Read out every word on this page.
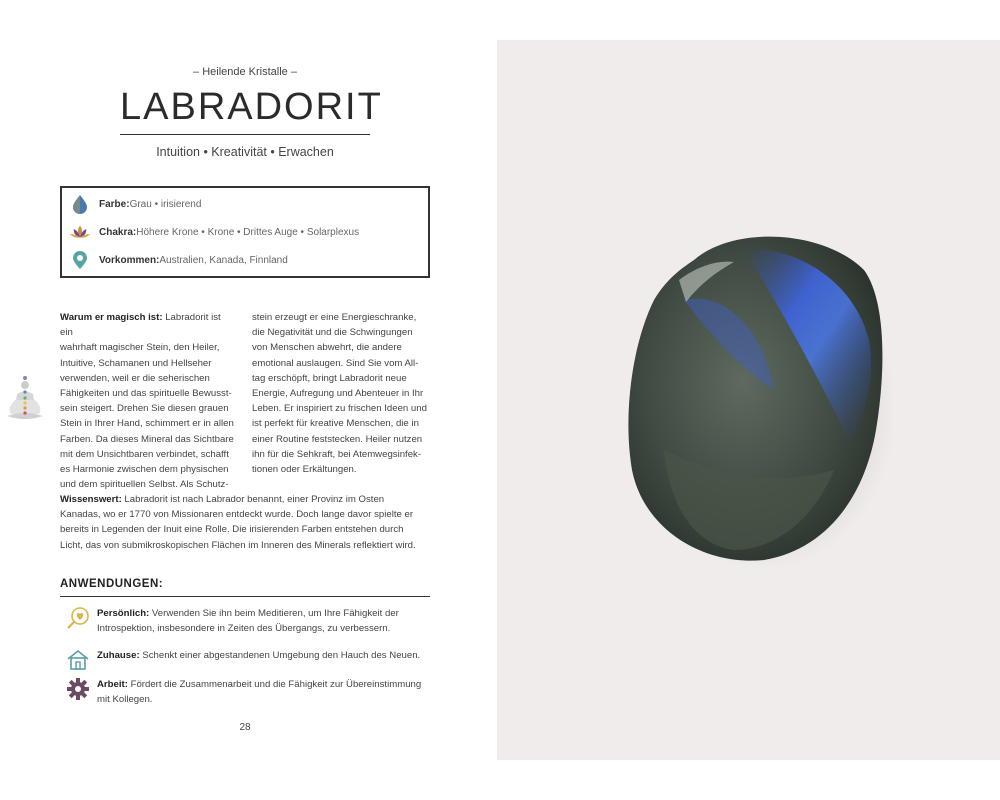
– Heilende Kristalle –
LABRADORIT
Intuition • Kreativität • Erwachen
Farbe: Grau • irisierend
Chakra: Höhere Krone • Krone • Drittes Auge • Solarplexus
Vorkommen: Australien, Kanada, Finnland
Warum er magisch ist: Labradorit ist ein
wahrhaft magischer Stein, den Heiler,
Intuitive, Schamanen und Hellseher
verwenden, weil er die seherischen
Fähigkeiten und das spirituelle Bewusst-
sein steigert. Drehen Sie diesen grauen
Stein in Ihrer Hand, schimmert er in allen
Farben. Da dieses Mineral das Sichtbare
mit dem Unsichtbaren verbindet, schafft
es Harmonie zwischen dem physischen
und dem spirituellen Selbst. Als Schutz-
stein erzeugt er eine Energieschranke,
die Negativität und die Schwingungen
von Menschen abwehrt, die andere
emotional auslaugen. Sind Sie vom All-
tag erschöpft, bringt Labradorit neue
Energie, Aufregung und Abenteuer in Ihr
Leben. Er inspiriert zu frischen Ideen und
ist perfekt für kreative Menschen, die in
einer Routine feststecken. Heiler nutzen
ihn für die Sehkraft, bei Atemwegsinfek-
tionen oder Erkältungen.
Wissenswert: Labradorit ist nach Labrador benannt, einer Provinz im Osten
Kanadas, wo er 1770 von Missionaren entdeckt wurde. Doch lange davor spielte er
bereits in Legenden der Inuit eine Rolle. Die irisierenden Farben entstehen durch
Licht, das von submikroskopischen Flächen im Inneren des Minerals reflektiert wird.
ANWENDUNGEN:
Persönlich: Verwenden Sie ihn beim Meditieren, um Ihre Fähigkeit der
Introspektion, insbesondere in Zeiten des Übergangs, zu verbessern.
Zuhause: Schenkt einer abgestandenen Umgebung den Hauch des Neuen.
Arbeit: Fördert die Zusammenarbeit und die Fähigkeit zur Übereinstimmung
mit Kollegen.
28
